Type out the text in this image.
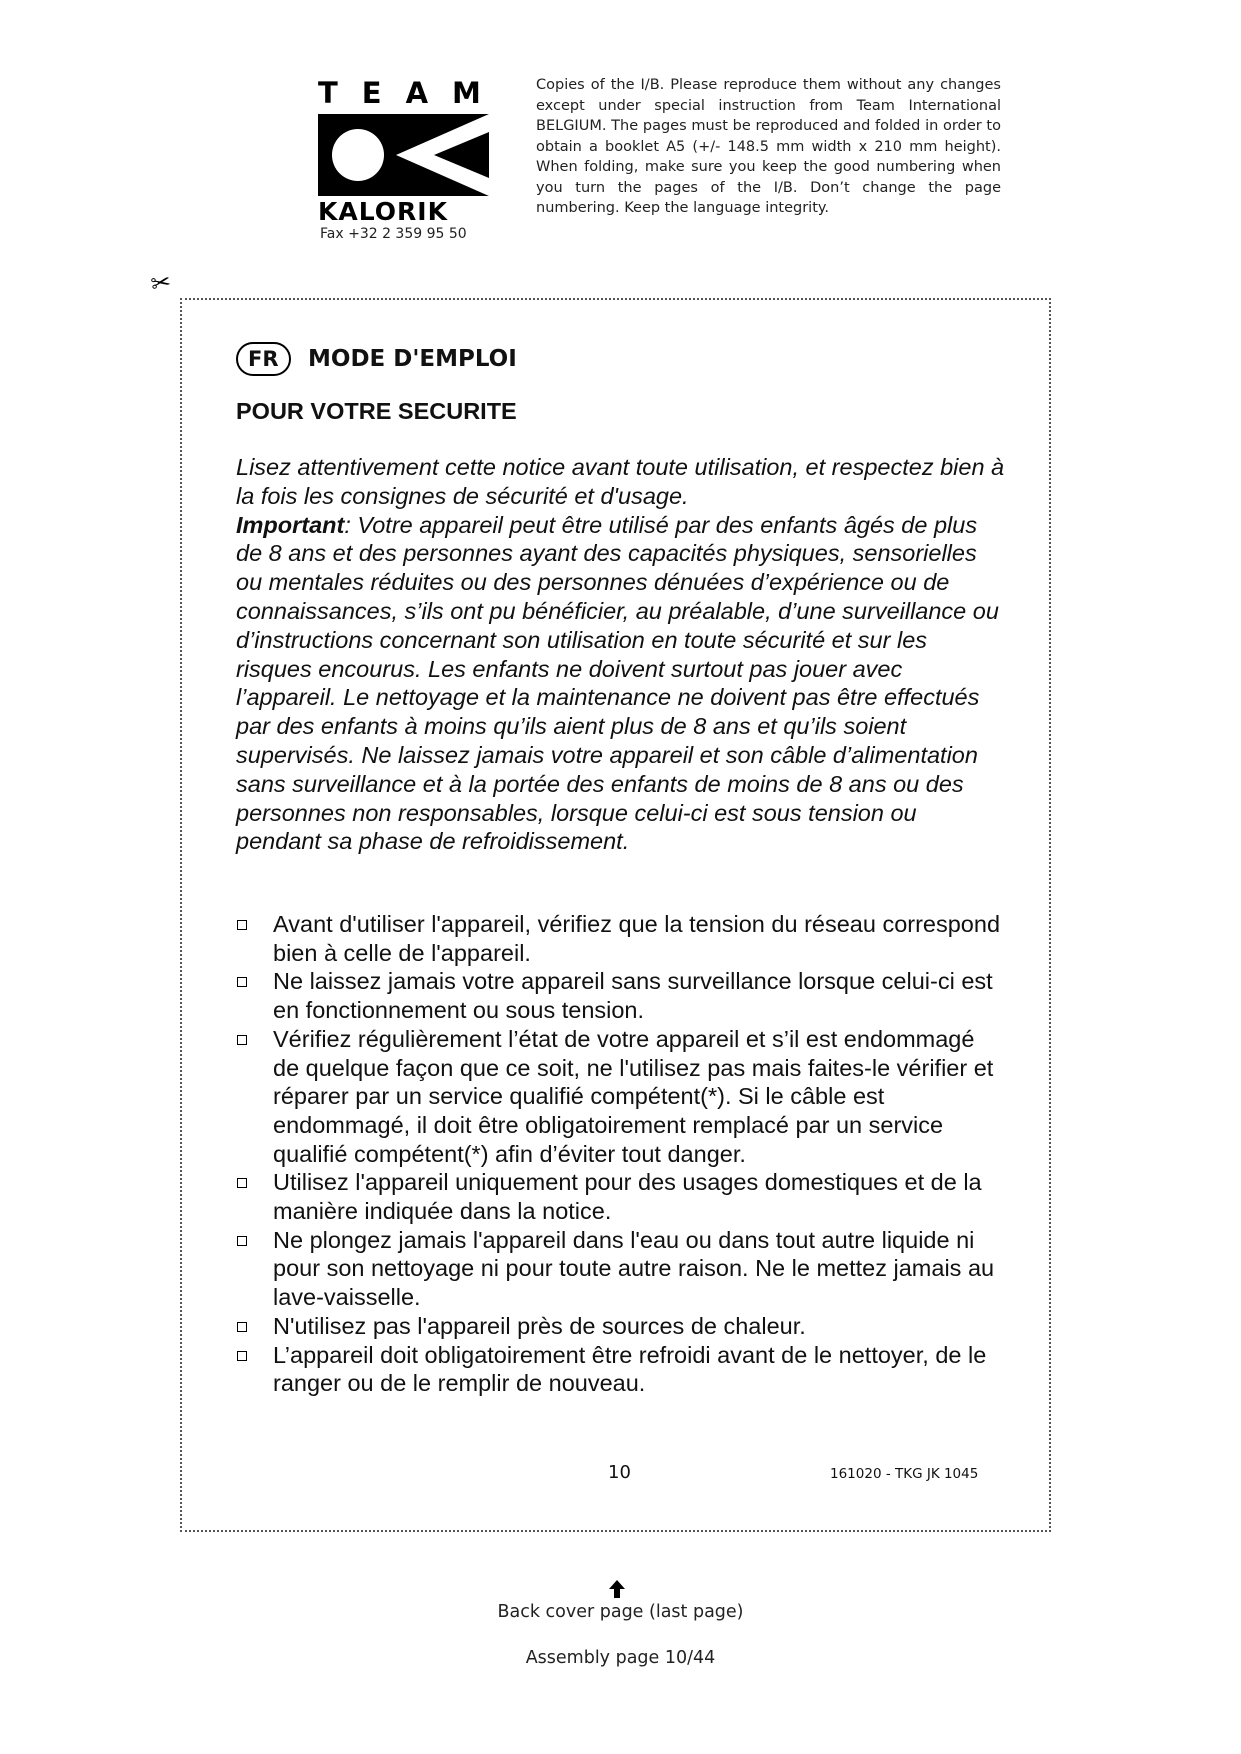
TEAM
KALORIK
Fax +32 2 359 95 50
Copies of the I/B. Please reproduce them without any changes except under special instruction from Team International BELGIUM. The pages must be reproduced and folded in order to obtain a booklet A5 (+/- 148.5 mm width x 210 mm height). When folding, make sure you keep the good numbering when you turn the pages of the I/B. Don’t change the page numbering. Keep the language integrity.
✂
FR	MODE D'EMPLOI
POUR VOTRE SECURITE

Lisez attentivement cette notice avant toute utilisation, et respectez bien à la fois les consignes de sécurité et d'usage.

Important: Votre appareil peut être utilisé par des enfants âgés de plus de 8 ans et des personnes ayant des capacités physiques, sensorielles ou mentales réduites ou des personnes dénuées d’expérience ou de connaissances, s’ils ont pu bénéficier, au préalable, d’une surveillance ou d’instructions concernant son utilisation en toute sécurité et sur les risques encourus. Les enfants ne doivent surtout pas jouer avec l’appareil. Le nettoyage et la maintenance ne doivent pas être effectués par des enfants à moins qu’ils aient plus de 8 ans et qu’ils soient supervisés. Ne laissez jamais votre appareil et son câble d’alimentation sans surveillance et à la portée des enfants de moins de 8 ans ou des personnes non responsables, lorsque celui-ci est sous tension ou pendant sa phase de refroidissement.

Avant d'utiliser l'appareil, vérifiez que la tension du réseau correspond bien à celle de l'appareil.
Ne laissez jamais votre appareil sans surveillance lorsque celui-ci est en fonctionnement ou sous tension.
Vérifiez régulièrement l’état de votre appareil et s’il est endommagé de quelque façon que ce soit, ne l'utilisez pas mais faites-le vérifier et réparer par un service qualifié compétent(*). Si le câble est endommagé, il doit être obligatoirement remplacé par un service qualifié compétent(*) afin d’éviter tout danger.
Utilisez l'appareil uniquement pour des usages domestiques et de la manière indiquée dans la notice.
Ne plongez jamais l'appareil dans l'eau ou dans tout autre liquide ni pour son nettoyage ni pour toute autre raison. Ne le mettez jamais au lave-vaisselle.
N'utilisez pas l'appareil près de sources de chaleur.
L’appareil doit obligatoirement être refroidi avant de le nettoyer, de le ranger ou de le remplir de nouveau.
10	161020 - TKG JK 1045
Back cover page (last page)
Assembly page 10/44
